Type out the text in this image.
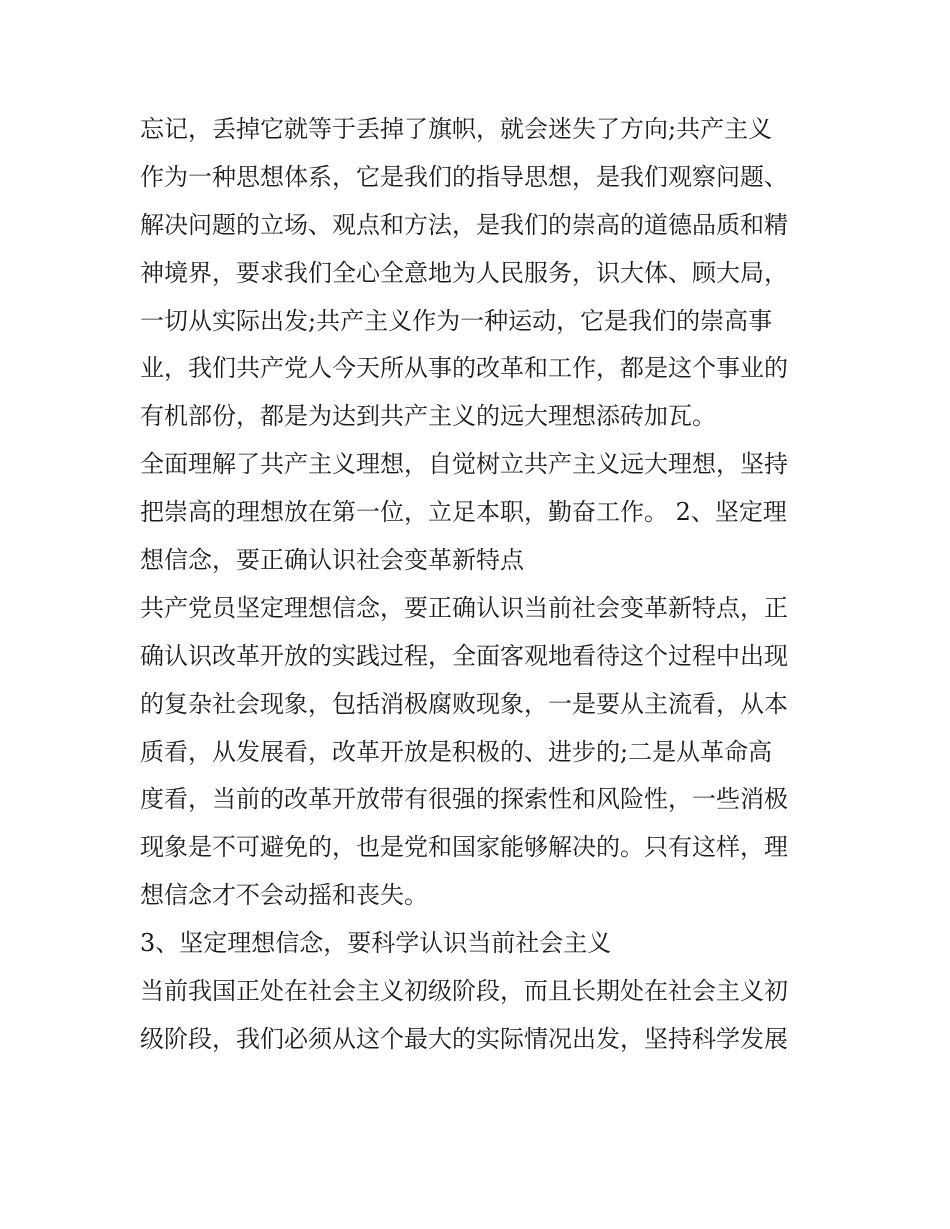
忘记，丢掉它就等于丢掉了旗帜，就会迷失了方向;共产主义
作为一种思想体系，它是我们的指导思想，是我们观察问题、
解决问题的立场、观点和方法，是我们的崇高的道德品质和精
神境界，要求我们全心全意地为人民服务，识大体、顾大局，
一切从实际出发;共产主义作为一种运动，它是我们的崇高事
业，我们共产党人今天所从事的改革和工作，都是这个事业的
有机部份，都是为达到共产主义的远大理想添砖加瓦。
全面理解了共产主义理想，自觉树立共产主义远大理想，坚持
把崇高的理想放在第一位，立足本职，勤奋工作。 2、坚定理
想信念，要正确认识社会变革新特点
共产党员坚定理想信念，要正确认识当前社会变革新特点，正
确认识改革开放的实践过程，全面客观地看待这个过程中出现
的复杂社会现象，包括消极腐败现象，一是要从主流看，从本
质看，从发展看，改革开放是积极的、进步的;二是从革命高
度看，当前的改革开放带有很强的探索性和风险性，一些消极
现象是不可避免的，也是党和国家能够解决的。只有这样，理
想信念才不会动摇和丧失。
3、坚定理想信念，要科学认识当前社会主义
当前我国正处在社会主义初级阶段，而且长期处在社会主义初
级阶段，我们必须从这个最大的实际情况出发，坚持科学发展
